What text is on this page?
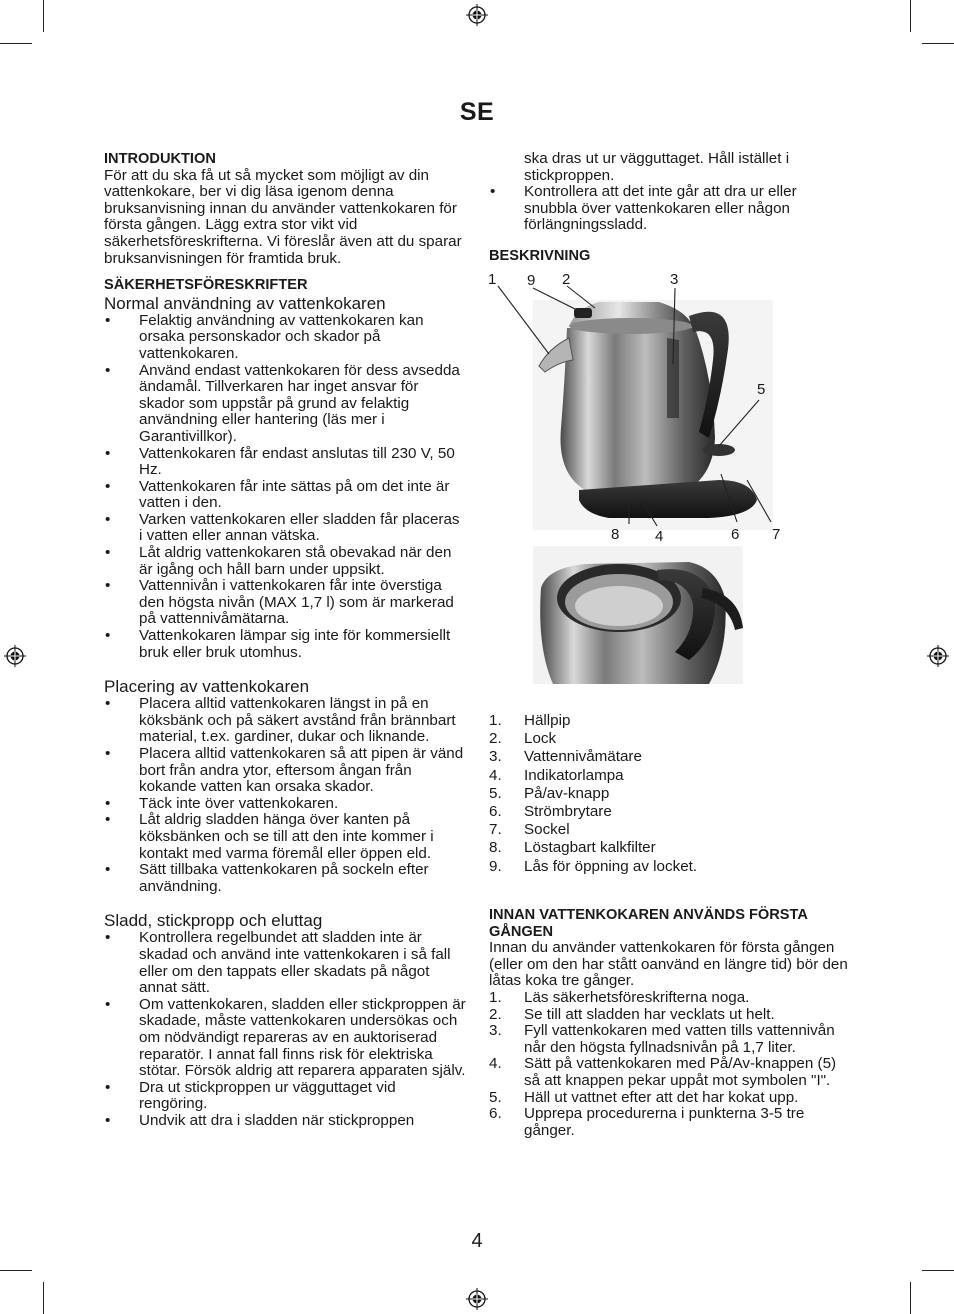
SE
INTRODUKTION

För att du ska få ut så mycket som möjligt av din vattenkokare, ber vi dig läsa igenom denna bruksanvisning innan du använder vattenkokaren för första gången. Lägg extra stor vikt vid säkerhetsföreskrifterna. Vi föreslår även att du sparar bruksanvisningen för framtida bruk.

SÄKERHETSFÖRESKRIFTER
Normal användning av vattenkokaren
• Felaktig användning av vattenkokaren kan orsaka personskador och skador på vattenkokaren.
• Använd endast vattenkokaren för dess avsedda ändamål. Tillverkaren har inget ansvar för skador som uppstår på grund av felaktig användning eller hantering (läs mer i Garantivillkor).
• Vattenkokaren får endast anslutas till 230 V, 50 Hz.
• Vattenkokaren får inte sättas på om det inte är vatten i den.
• Varken vattenkokaren eller sladden får placeras i vatten eller annan vätska.
• Låt aldrig vattenkokaren stå obevakad när den är igång och håll barn under uppsikt.
• Vattennivån i vattenkokaren får inte överstiga den högsta nivån (MAX 1,7 l) som är markerad på vattennivåmätarna.
• Vattenkokaren lämpar sig inte för kommersiellt bruk eller bruk utomhus.
Placering av vattenkokaren
• Placera alltid vattenkokaren längst in på en köksbänk och på säkert avstånd från brännbart material, t.ex. gardiner, dukar och liknande.
• Placera alltid vattenkokaren så att pipen är vänd bort från andra ytor, eftersom ångan från kokande vatten kan orsaka skador.
• Täck inte över vattenkokaren.
• Låt aldrig sladden hänga över kanten på köksbänken och se till att den inte kommer i kontakt med varma föremål eller öppen eld.
• Sätt tillbaka vattenkokaren på sockeln efter användning.
Sladd, stickpropp och eluttag
• Kontrollera regelbundet att sladden inte är skadad och använd inte vattenkokaren i så fall eller om den tappats eller skadats på något annat sätt.
• Om vattenkokaren, sladden eller stickproppen är skadade, måste vattenkokaren undersökas och om nödvändigt repareras av en auktoriserad reparatör. I annat fall finns risk för elektriska stötar. Försök aldrig att reparera apparaten själv.
• Dra ut stickproppen ur vägguttaget vid rengöring.
• Undvik att dra i sladden när stickproppen

ska dras ut ur vägguttaget. Håll istället i stickproppen.

• Kontrollera att det inte går att dra ur eller snubbla över vattenkokaren eller någon förlängningssladd.
BESKRIVNING
1 9 2	3
5
8 4	6 7
1. Hällpip
2. Lock
3. Vattennivåmätare
4. Indikatorlampa
5. På/av-knapp
6. Strömbrytare
7. Sockel
8. Löstagbart kalkfilter
9. Lås för öppning av locket.
INNAN VATTENKOKAREN ANVÄNDS FÖRSTA GÅNGEN

Innan du använder vattenkokaren för första gången (eller om den har stått oanvänd en längre tid) bör den låtas koka tre gånger.

1. Läs säkerhetsföreskrifterna noga.
2. Se till att sladden har vecklats ut helt.
3. Fyll vattenkokaren med vatten tills vattennivån når den högsta fyllnadsnivån på 1,7 liter.
4. Sätt på vattenkokaren med På/Av-knappen (5) så att knappen pekar uppåt mot symbolen "I".
5. Häll ut vattnet efter att det har kokat upp.
6. Upprepa procedurerna i punkterna 3-5 tre gånger.
4
